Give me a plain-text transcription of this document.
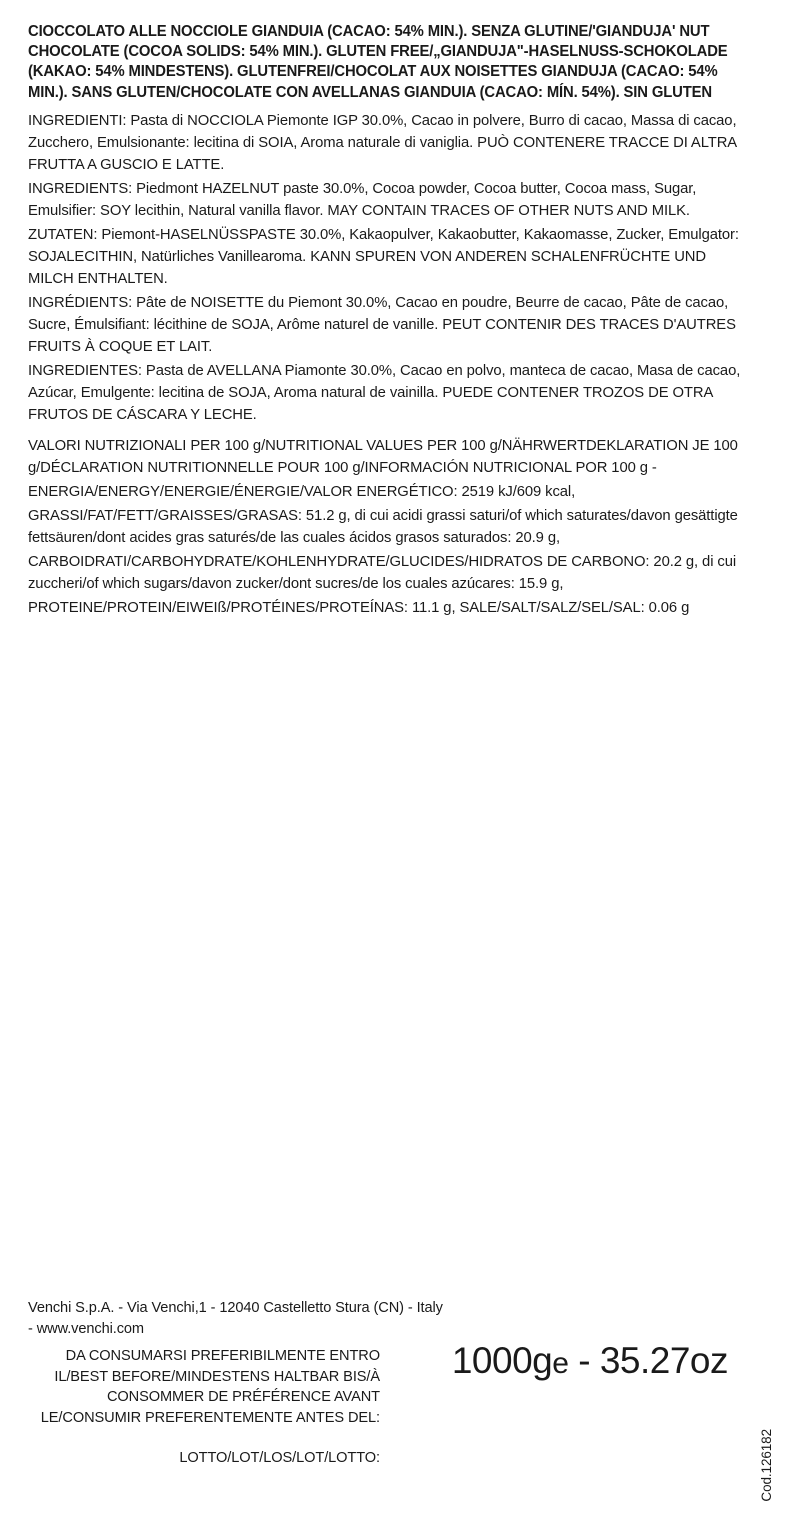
CIOCCOLATO ALLE NOCCIOLE GIANDUIA (CACAO: 54% MIN.). SENZA GLUTINE/'GIANDUJA' NUT CHOCOLATE (COCOA SOLIDS: 54% MIN.). GLUTEN FREE/„GIANDUJA"-HASELNUSS-SCHOKOLADE (KAKAO: 54% MINDESTENS). GLUTENFREI/CHOCOLAT AUX NOISETTES GIANDUJA (CACAO: 54% MIN.). SANS GLUTEN/CHOCOLATE CON AVELLANAS GIANDUIA (CACAO: MÍN. 54%). SIN GLUTEN

INGREDIENTI: Pasta di NOCCIOLA Piemonte IGP 30.0%, Cacao in polvere, Burro di cacao, Massa di cacao, Zucchero, Emulsionante: lecitina di SOIA, Aroma naturale di vaniglia. PUÒ CONTENERE TRACCE DI ALTRA FRUTTA A GUSCIO E LATTE.

INGREDIENTS: Piedmont HAZELNUT paste 30.0%, Cocoa powder, Cocoa butter, Cocoa mass, Sugar, Emulsifier: SOY lecithin, Natural vanilla flavor. MAY CONTAIN TRACES OF OTHER NUTS AND MILK.

ZUTATEN: Piemont-HASELNÜSSPASTE 30.0%, Kakaopulver, Kakaobutter, Kakaomasse, Zucker, Emulgator: SOJALECITHIN, Natürliches Vanillearoma. KANN SPUREN VON ANDEREN SCHALENFRÜCHTE UND MILCH ENTHALTEN.

INGRÉDIENTS: Pâte de NOISETTE du Piemont 30.0%, Cacao en poudre, Beurre de cacao, Pâte de cacao, Sucre, Émulsifiant: lécithine de SOJA, Arôme naturel de vanille. PEUT CONTENIR DES TRACES D'AUTRES FRUITS À COQUE ET LAIT.

INGREDIENTES: Pasta de AVELLANA Piamonte 30.0%, Cacao en polvo, manteca de cacao, Masa de cacao, Azúcar, Emulgente: lecitina de SOJA, Aroma natural de vainilla. PUEDE CONTENER TROZOS DE OTRA FRUTOS DE CÁSCARA Y LECHE.

VALORI NUTRIZIONALI PER 100 g/NUTRITIONAL VALUES PER 100 g/NÄHRWERTDEKLARATION JE 100 g/DÉCLARATION NUTRITIONNELLE POUR 100 g/INFORMACIÓN NUTRICIONAL POR 100 g -

ENERGIA/ENERGY/ENERGIE/ÉNERGIE/VALOR ENERGÉTICO: 2519 kJ/609 kcal,

GRASSI/FAT/FETT/GRAISSES/GRASAS: 51.2 g, di cui acidi grassi saturi/of which saturates/davon gesättigte fettsäuren/dont acides gras saturés/de las cuales ácidos grasos saturados: 20.9 g,

CARBOIDRATI/CARBOHYDRATE/KOHLENHYDRATE/GLUCIDES/HIDRATOS DE CARBONO: 20.2 g, di cui zuccheri/of which sugars/davon zucker/dont sucres/de los cuales azúcares: 15.9 g,

PROTEINE/PROTEIN/EIWEIß/PROTÉINES/PROTEÍNAS: 11.1 g, SALE/SALT/SALZ/SEL/SAL: 0.06 g

Venchi S.p.A. - Via Venchi,1 - 12040 Castelletto Stura (CN) - Italy - www.venchi.com
DA CONSUMARSI PREFERIBILMENTE ENTRO IL/BEST BEFORE/MINDESTENS HALTBAR BIS/À CONSOMMER DE PRÉFÉRENCE AVANT LE/CONSUMIR PREFERENTEMENTE ANTES DEL:
LOTTO/LOT/LOS/LOT/LOTTO:
1000ge - 35.27oz
Cod.126182
